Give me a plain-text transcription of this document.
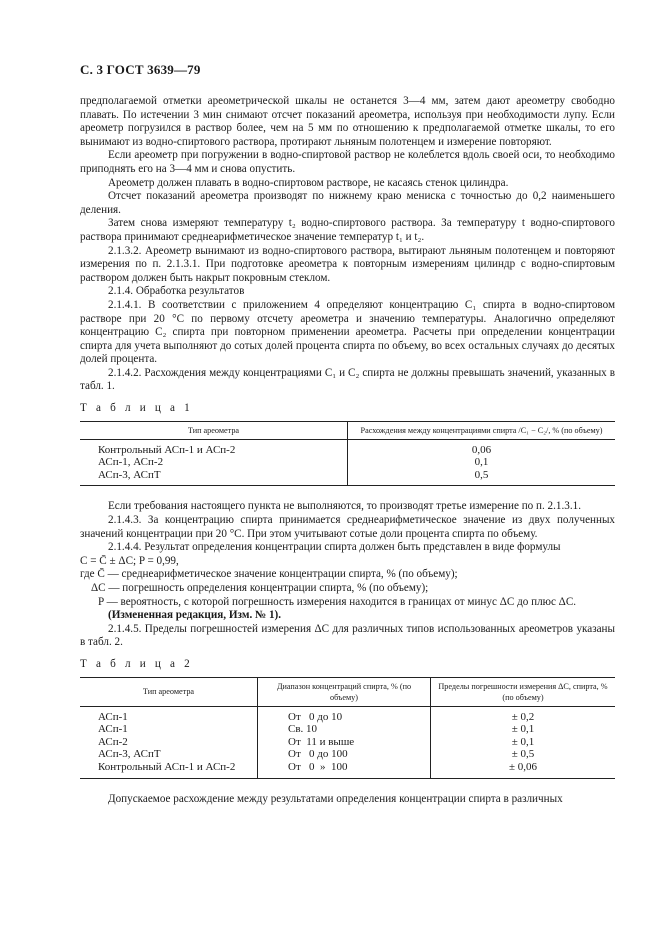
С. 3 ГОСТ 3639—79

предполагаемой отметки ареометрической шкалы не останется 3—4 мм, затем дают ареометру свободно плавать. По истечении 3 мин снимают отсчет показаний ареометра, используя при необходимости лупу. Если ареометр погрузился в раствор более, чем на 5 мм по отношению к предполагаемой отметке шкалы, то его вынимают из водно-спиртового раствора, протирают льняным полотенцем и измерение повторяют.

Если ареометр при погружении в водно-спиртовой раствор не колеблется вдоль своей оси, то необходимо приподнять его на 3—4 мм и снова опустить.

Ареометр должен плавать в водно-спиртовом растворе, не касаясь стенок цилиндра.

Отсчет показаний ареометра производят по нижнему краю мениска с точностью до 0,2 наименьшего деления.

Затем снова измеряют температуру t₂ водно-спиртового раствора. За температуру t водно-спиртового раствора принимают среднеарифметическое значение температур t₁ и t₂.

2.1.3.2. Ареометр вынимают из водно-спиртового раствора, вытирают льняным полотенцем и повторяют измерения по п. 2.1.3.1. При подготовке ареометра к повторным измерениям цилиндр с водно-спиртовым раствором должен быть накрыт покровным стеклом.

2.1.4. Обработка результатов

2.1.4.1. В соответствии с приложением 4 определяют концентрацию C₁ спирта в водно-спиртовом растворе при 20 °С по первому отсчету ареометра и значению температуры. Аналогично определяют концентрацию C₂ спирта при повторном применении ареометра. Расчеты при определении концентрации спирта для учета выполняют до сотых долей процента спирта по объему, во всех остальных случаях до десятых долей процента.

2.1.4.2. Расхождения между концентрациями C₁ и C₂ спирта не должны превышать значений, указанных в табл. 1.

Т а б л и ц а 1

Тип ареометра	Расхождения между концентрациями спирта /C₁ − C₂/, % (по объему)
Контрольный АСп-1 и АСп-2	0,06
АСп-1, АСп-2	0,1
АСп-3, АСпТ	0,5

Если требования настоящего пункта не выполняются, то производят третье измерение по п. 2.1.3.1.

2.1.4.3. За концентрацию спирта принимается среднеарифметическое значение из двух полученных значений концентрации при 20 °С. При этом учитывают сотые доли процента спирта по объему.

2.1.4.4. Результат определения концентрации спирта должен быть представлен в виде формулы

C = C̄ ± ΔC; P = 0,99,

где C̄ — среднеарифметическое значение концентрации спирта, % (по объему);

ΔC — погрешность определения концентрации спирта, % (по объему);

P — вероятность, с которой погрешность измерения находится в границах от минус ΔC до плюс ΔC.

(Измененная редакция, Изм. № 1).

2.1.4.5. Пределы погрешностей измерения ΔC для различных типов использованных ареометров указаны в табл. 2.

Т а б л и ц а 2

Тип ареометра	Диапазон концентраций спирта, % (по объему)	Пределы погрешности измерения ΔC, спирта, % (по объему)
АСп-1	От   0 до 10	± 0,2
АСп-1	Св. 10	± 0,1
АСп-2	От  11 и выше	± 0,1
АСп-3, АСпТ	От   0 до 100	± 0,5
Контрольный АСп-1 и АСп-2	От   0  »  100	± 0,06

Допускаемое расхождение между результатами определения концентрации спирта в различных
